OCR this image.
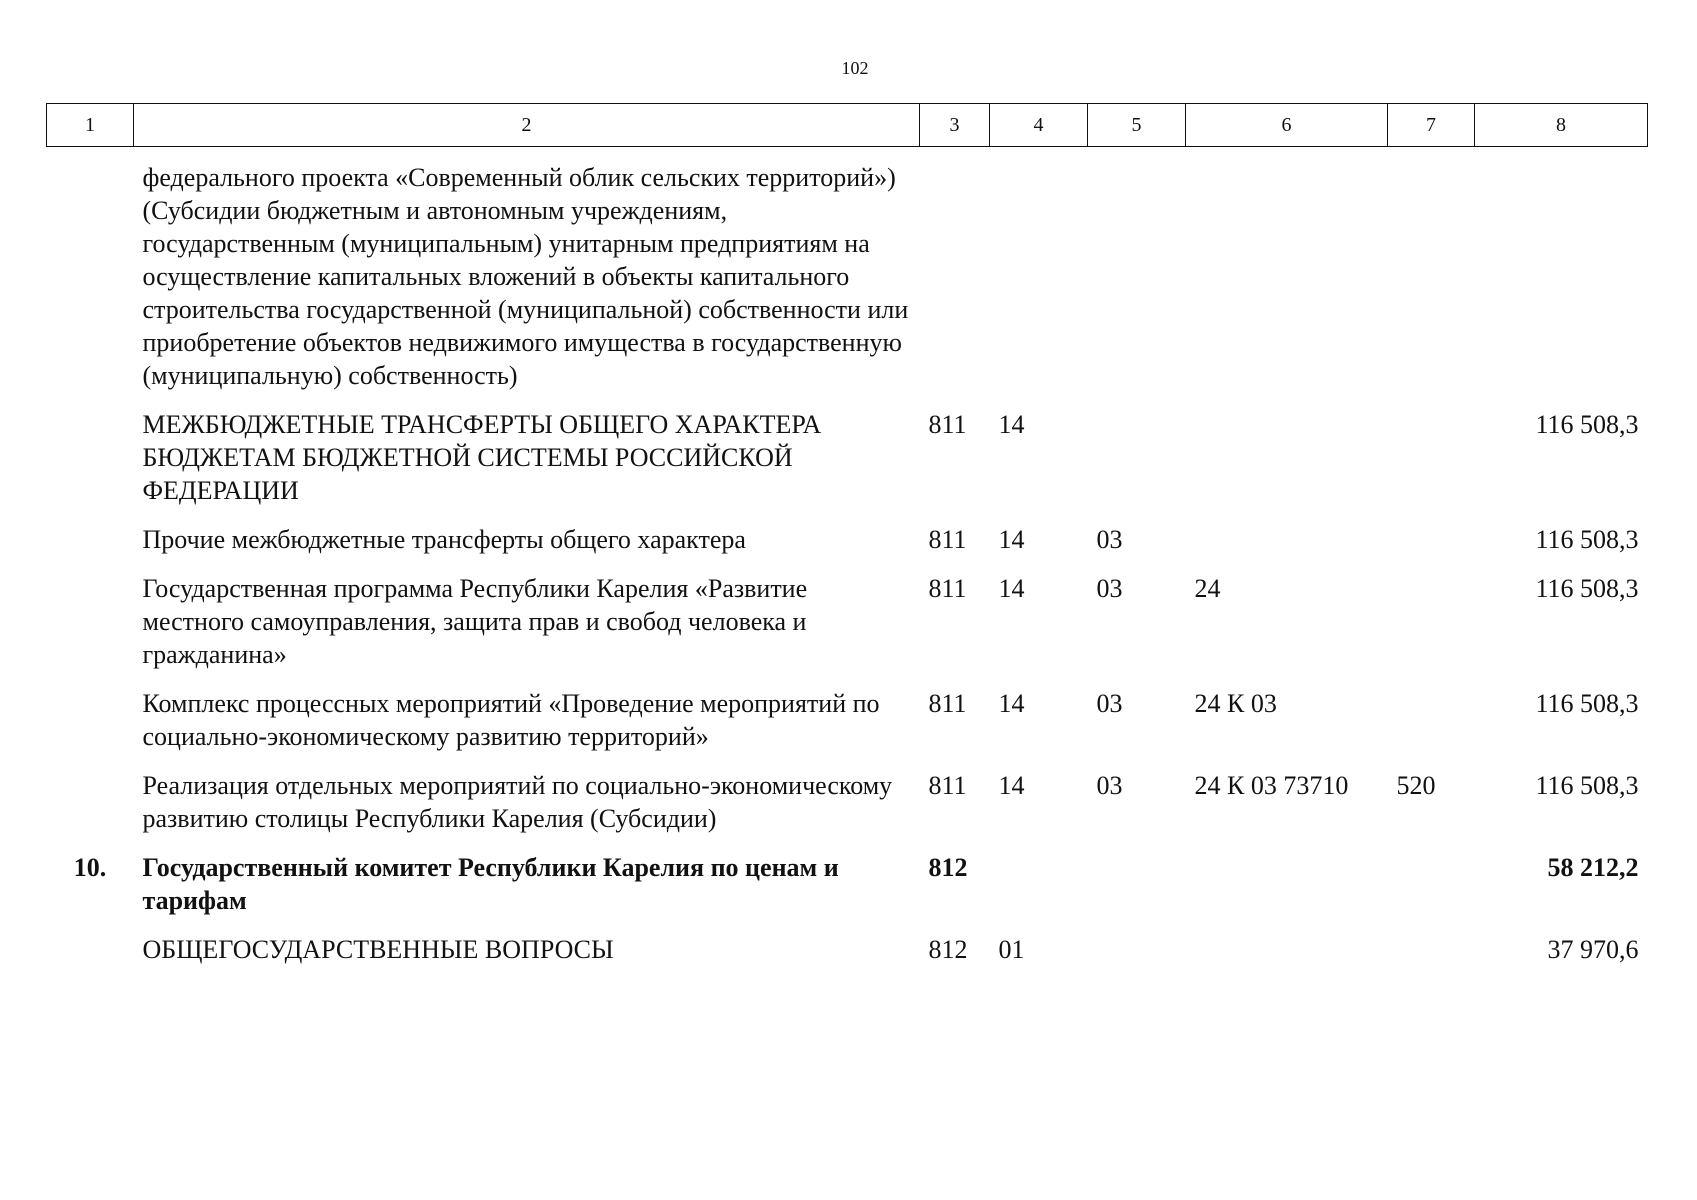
102
1	2	3	4	5	6	7	8
	федерального проекта «Современный облик сельских территорий») (Субсидии бюджетным и автономным учреждениям, государственным (муниципальным) унитарным предприятиям на осуществление капитальных вложений в объекты капитального строительства государственной (муниципальной) собственности или приобретение объектов недвижимого имущества в государственную (муниципальную) собственность)						
	МЕЖБЮДЖЕТНЫЕ ТРАНСФЕРТЫ ОБЩЕГО ХАРАКТЕРА БЮДЖЕТАМ БЮДЖЕТНОЙ СИСТЕМЫ РОССИЙСКОЙ ФЕДЕРАЦИИ	811	14				116 508,3
	Прочие межбюджетные трансферты общего характера	811	14	03			116 508,3
	Государственная программа Республики Карелия «Развитие местного самоуправления, защита прав и свобод человека и гражданина»	811	14	03	24		116 508,3
	Комплекс процессных мероприятий «Проведение мероприятий по социально-экономическому развитию территорий»	811	14	03	24 К 03		116 508,3
	Реализация отдельных мероприятий по социально-экономическому развитию столицы Республики Карелия (Субсидии)	811	14	03	24 К 03 73710	520	116 508,3
10.	Государственный комитет Республики Карелия по ценам и тарифам	812					58 212,2
	ОБЩЕГОСУДАРСТВЕННЫЕ ВОПРОСЫ	812	01				37 970,6
